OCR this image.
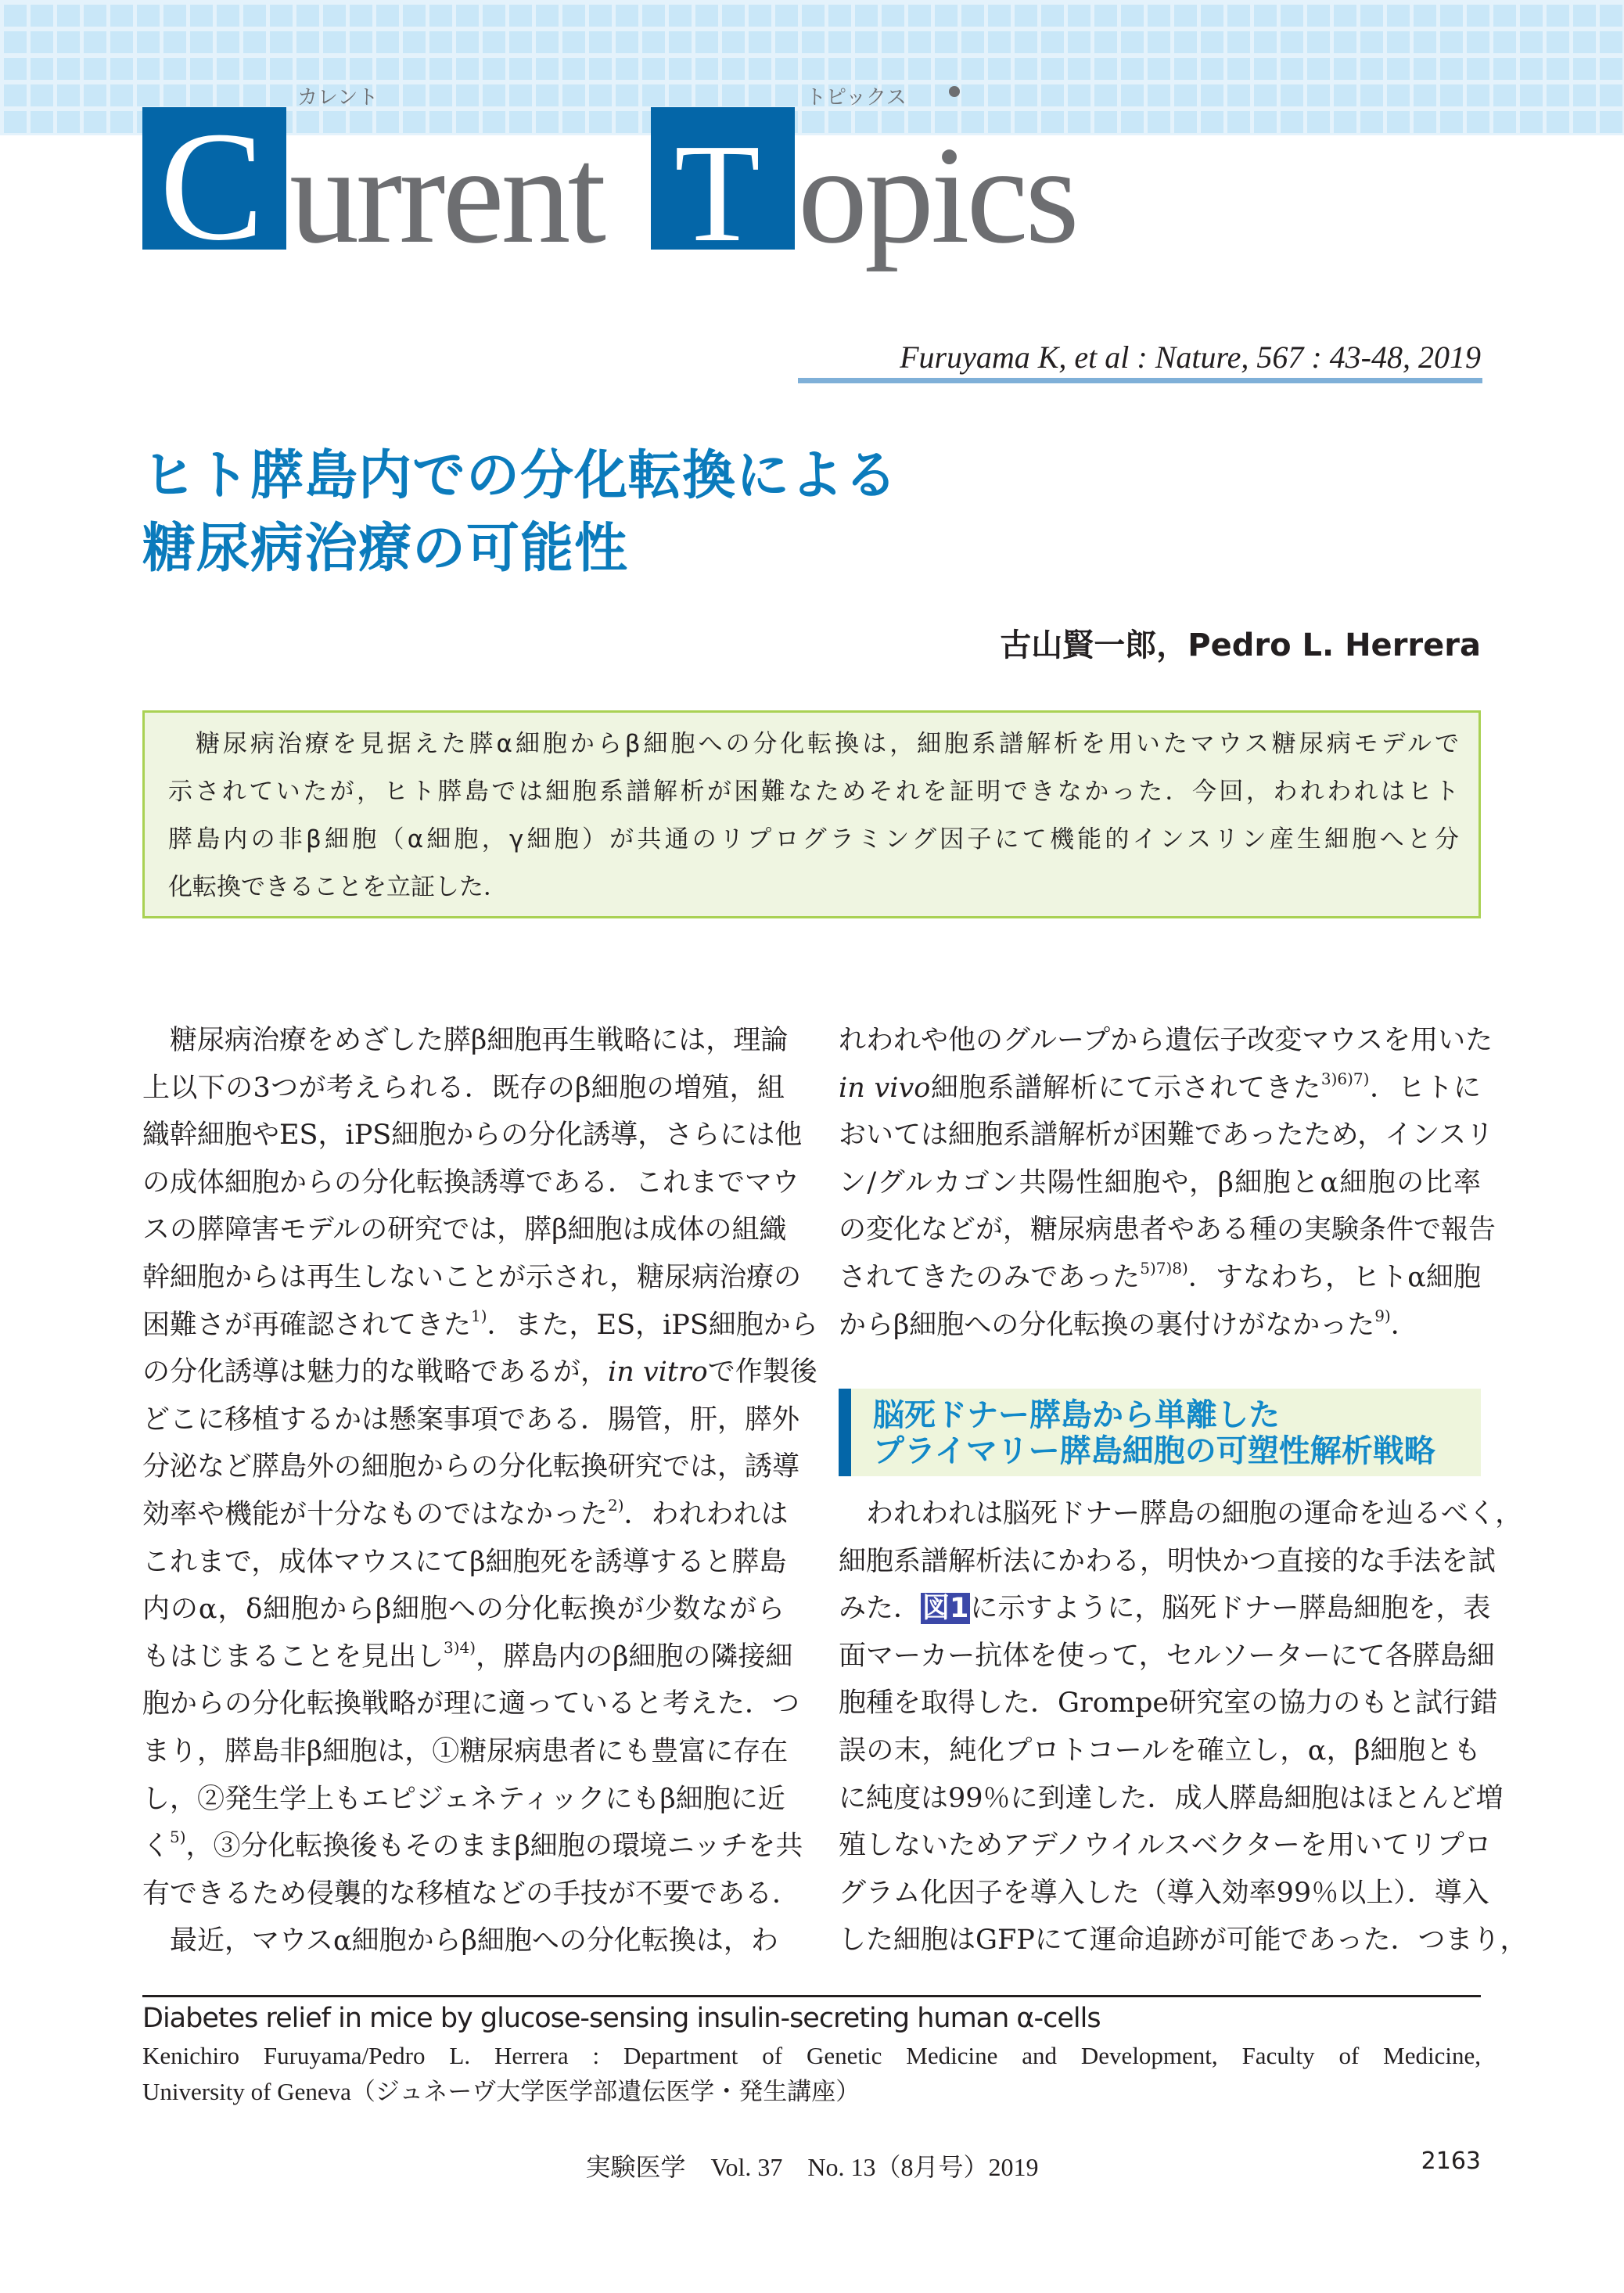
C
カレント
urrent T
トピックス
opics
Furuyama K, et al : Nature, 567 : 43-48, 2019
ヒト膵島内での分化転換による
糖尿病治療の可能性
古山賢一郎，Pedro L. Herrera
　糖尿病治療を見据えた膵α細胞からβ細胞への分化転換は，細胞系譜解析を用いたマウス糖尿病モデルで
示されていたが，ヒト膵島では細胞系譜解析が困難なためそれを証明できなかった．今回，われわれはヒト
膵島内の非β細胞（α細胞，γ細胞）が共通のリプログラミング因子にて機能的インスリン産生細胞へと分
化転換できることを立証した．
　糖尿病治療をめざした膵β細胞再生戦略には，理論
上以下の3つが考えられる．既存のβ細胞の増殖，組
織幹細胞やES，iPS細胞からの分化誘導，さらには他
の成体細胞からの分化転換誘導である．これまでマウ
スの膵障害モデルの研究では，膵β細胞は成体の組織
幹細胞からは再生しないことが示され，糖尿病治療の
困難さが再確認されてきた$^{1)}$．また，ES，iPS細胞から
の分化誘導は魅力的な戦略であるが，in vitroで作製後
どこに移植するかは懸案事項である．腸管，肝，膵外
分泌など膵島外の細胞からの分化転換研究では，誘導
効率や機能が十分なものではなかった$^{2)}$．われわれは
これまで，成体マウスにてβ細胞死を誘導すると膵島
内のα，δ細胞からβ細胞への分化転換が少数ながら
もはじまることを見出し$^{3)4)}$，膵島内のβ細胞の隣接細
胞からの分化転換戦略が理に適っていると考えた．つ
まり，膵島非β細胞は，①糖尿病患者にも豊富に存在
し，②発生学上もエピジェネティックにもβ細胞に近
く$^{5)}$，③分化転換後もそのままβ細胞の環境ニッチを共
有できるため侵襲的な移植などの手技が不要である．
　最近，マウスα細胞からβ細胞への分化転換は，わ
れわれや他のグループから遺伝子改変マウスを用いた
in vivo細胞系譜解析にて示されてきた$^{3)6)7)}$．ヒトに
おいては細胞系譜解析が困難であったため，インスリ
ン/グルカゴン共陽性細胞や，β細胞とα細胞の比率
の変化などが，糖尿病患者やある種の実験条件で報告
されてきたのみであった$^{5)7)8)}$．すなわち，ヒトα細胞
からβ細胞への分化転換の裏付けがなかった$^{9)}$．
脳死ドナー膵島から単離した
プライマリー膵島細胞の可塑性解析戦略
　われわれは脳死ドナー膵島の細胞の運命を辿るべく，
細胞系譜解析法にかわる，明快かつ直接的な手法を試
みた．図1に示すように，脳死ドナー膵島細胞を，表
面マーカー抗体を使って，セルソーターにて各膵島細
胞種を取得した．Grompe研究室の協力のもと試行錯
誤の末，純化プロトコールを確立し，α，β細胞とも
に純度は99％に到達した．成人膵島細胞はほとんど増
殖しないためアデノウイルスベクターを用いてリプロ
グラム化因子を導入した（導入効率99％以上）．導入
した細胞はGFPにて運命追跡が可能であった．つまり，
Diabetes relief in mice by glucose-sensing insulin-secreting human α-cells
Kenichiro Furuyama/Pedro L. Herrera : Department of Genetic Medicine and Development, Faculty of Medicine,
University of Geneva（ジュネーヴ大学医学部遺伝医学・発生講座）
実験医学　Vol. 37　No. 13（8月号）2019	2163
